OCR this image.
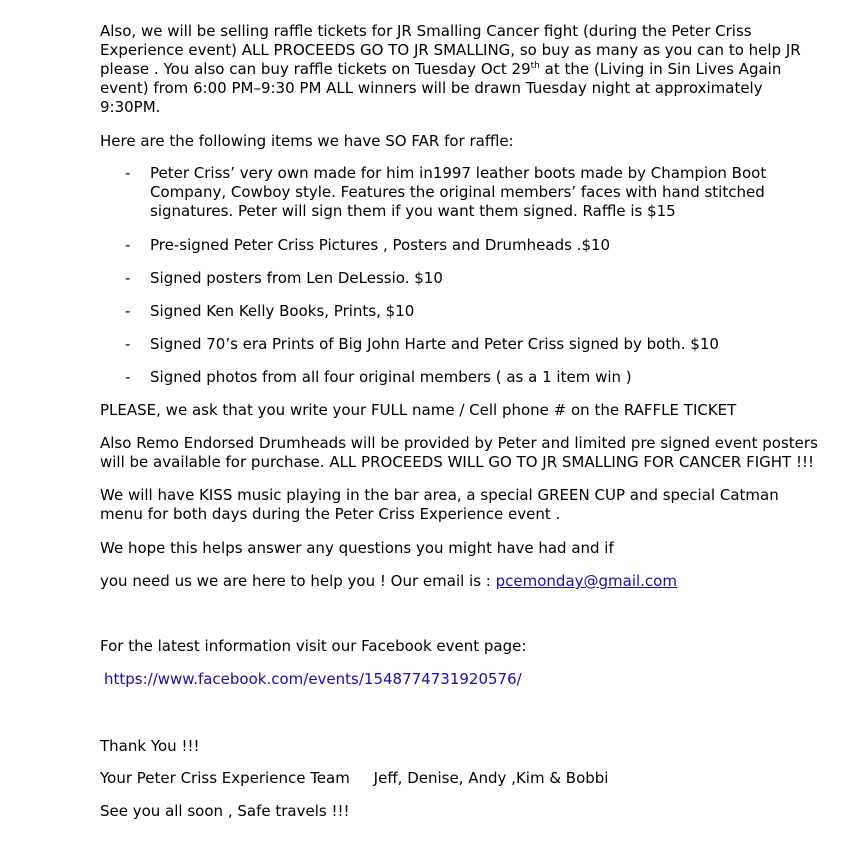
Also, we will be selling raffle tickets for JR Smalling Cancer fight (during the Peter Criss
Experience event) ALL PROCEEDS GO TO JR SMALLING, so buy as many as you can to help JR
please . You also can buy raffle tickets on Tuesday Oct 29th at the (Living in Sin Lives Again
event) from 6:00 PM–9:30 PM ALL winners will be drawn Tuesday night at approximately
9:30PM.
Here are the following items we have SO FAR for raffle:
- Peter Criss’ very own made for him in1997 leather boots made by Champion Boot
Company, Cowboy style. Features the original members’ faces with hand stitched
signatures. Peter will sign them if you want them signed. Raffle is $15
- Pre-signed Peter Criss Pictures , Posters and Drumheads .$10
- Signed posters from Len DeLessio. $10
- Signed Ken Kelly Books, Prints, $10
- Signed 70’s era Prints of Big John Harte and Peter Criss signed by both. $10
- Signed photos from all four original members ( as a 1 item win )
PLEASE, we ask that you write your FULL name / Cell phone # on the RAFFLE TICKET
Also Remo Endorsed Drumheads will be provided by Peter and limited pre signed event posters
will be available for purchase. ALL PROCEEDS WILL GO TO JR SMALLING FOR CANCER FIGHT !!!
We will have KISS music playing in the bar area, a special GREEN CUP and special Catman
menu for both days during the Peter Criss Experience event .
We hope this helps answer any questions you might have had and if
you need us we are here to help you ! Our email is : pcemonday@gmail.com
For the latest information visit our Facebook event page:
https://www.facebook.com/events/1548774731920576/
Thank You !!!
Your Peter Criss Experience Team     Jeff, Denise, Andy ,Kim & Bobbi
See you all soon , Safe travels !!!
